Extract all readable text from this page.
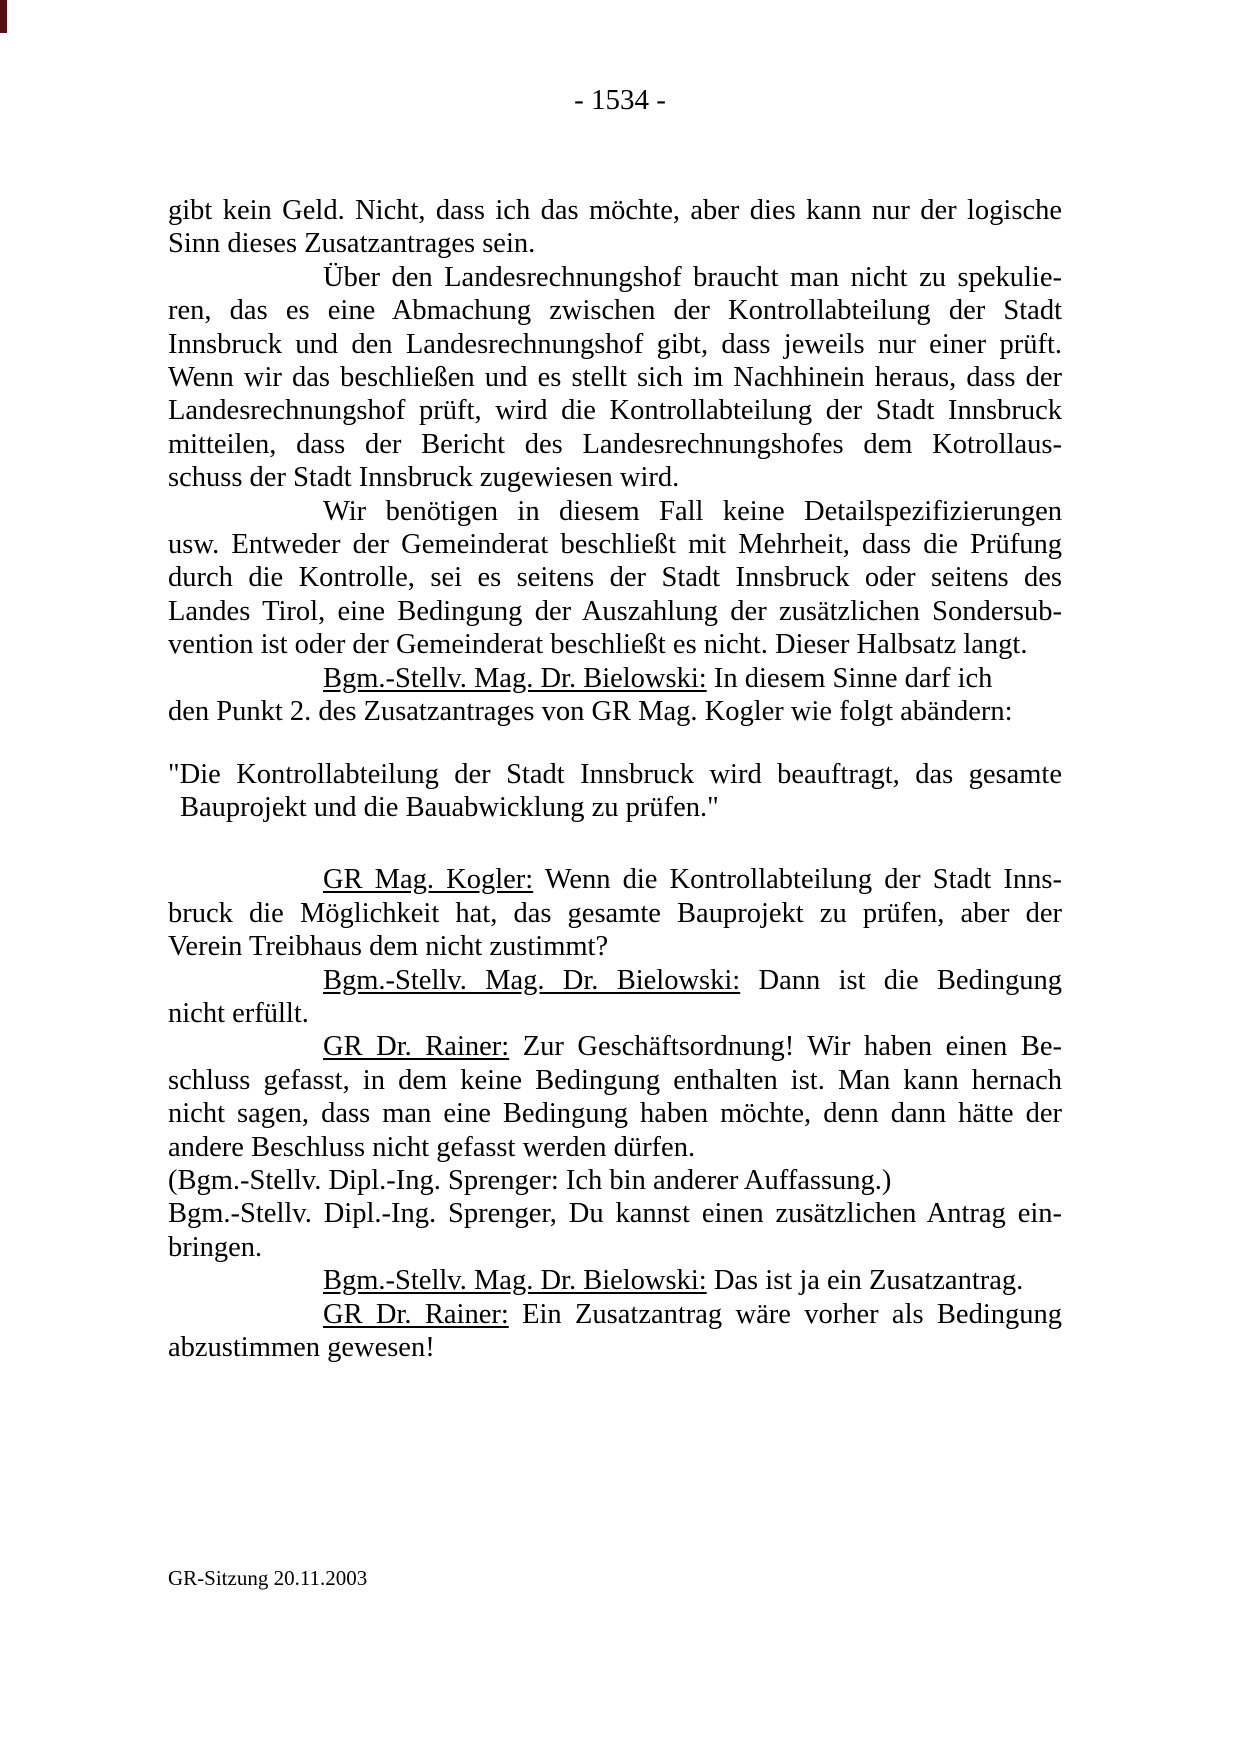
- 1534 -
gibt kein Geld. Nicht, dass ich das möchte, aber dies kann nur der logische
Sinn dieses Zusatzantrages sein.
Über den Landesrechnungshof braucht man nicht zu spekulie-
ren, das es eine Abmachung zwischen der Kontrollabteilung der Stadt
Innsbruck und den Landesrechnungshof gibt, dass jeweils nur einer prüft.
Wenn wir das beschließen und es stellt sich im Nachhinein heraus, dass der
Landesrechnungshof prüft, wird die Kontrollabteilung der Stadt Innsbruck
mitteilen, dass der Bericht des Landesrechnungshofes dem Kotrollaus-
schuss der Stadt Innsbruck zugewiesen wird.
Wir benötigen in diesem Fall keine Detailspezifizierungen
usw. Entweder der Gemeinderat beschließt mit Mehrheit, dass die Prüfung
durch die Kontrolle, sei es seitens der Stadt Innsbruck oder seitens des
Landes Tirol, eine Bedingung der Auszahlung der zusätzlichen Sondersub-
vention ist oder der Gemeinderat beschließt es nicht. Dieser Halbsatz langt.
Bgm.-Stellv. Mag. Dr. Bielowski: In diesem Sinne darf ich
den Punkt 2. des Zusatzantrages von GR Mag. Kogler wie folgt abändern:
"Die Kontrollabteilung der Stadt Innsbruck wird beauftragt, das gesamte
Bauprojekt und die Bauabwicklung zu prüfen."
GR Mag. Kogler: Wenn die Kontrollabteilung der Stadt Inns-
bruck die Möglichkeit hat, das gesamte Bauprojekt zu prüfen, aber der
Verein Treibhaus dem nicht zustimmt?
Bgm.-Stellv. Mag. Dr. Bielowski: Dann ist die Bedingung
nicht erfüllt.
GR Dr. Rainer: Zur Geschäftsordnung! Wir haben einen Be-
schluss gefasst, in dem keine Bedingung enthalten ist. Man kann hernach
nicht sagen, dass man eine Bedingung haben möchte, denn dann hätte der
andere Beschluss nicht gefasst werden dürfen.
(Bgm.-Stellv. Dipl.-Ing. Sprenger: Ich bin anderer Auffassung.)
Bgm.-Stellv. Dipl.-Ing. Sprenger, Du kannst einen zusätzlichen Antrag ein-
bringen.
Bgm.-Stellv. Mag. Dr. Bielowski: Das ist ja ein Zusatzantrag.
GR Dr. Rainer: Ein Zusatzantrag wäre vorher als Bedingung
abzustimmen gewesen!
GR-Sitzung 20.11.2003
